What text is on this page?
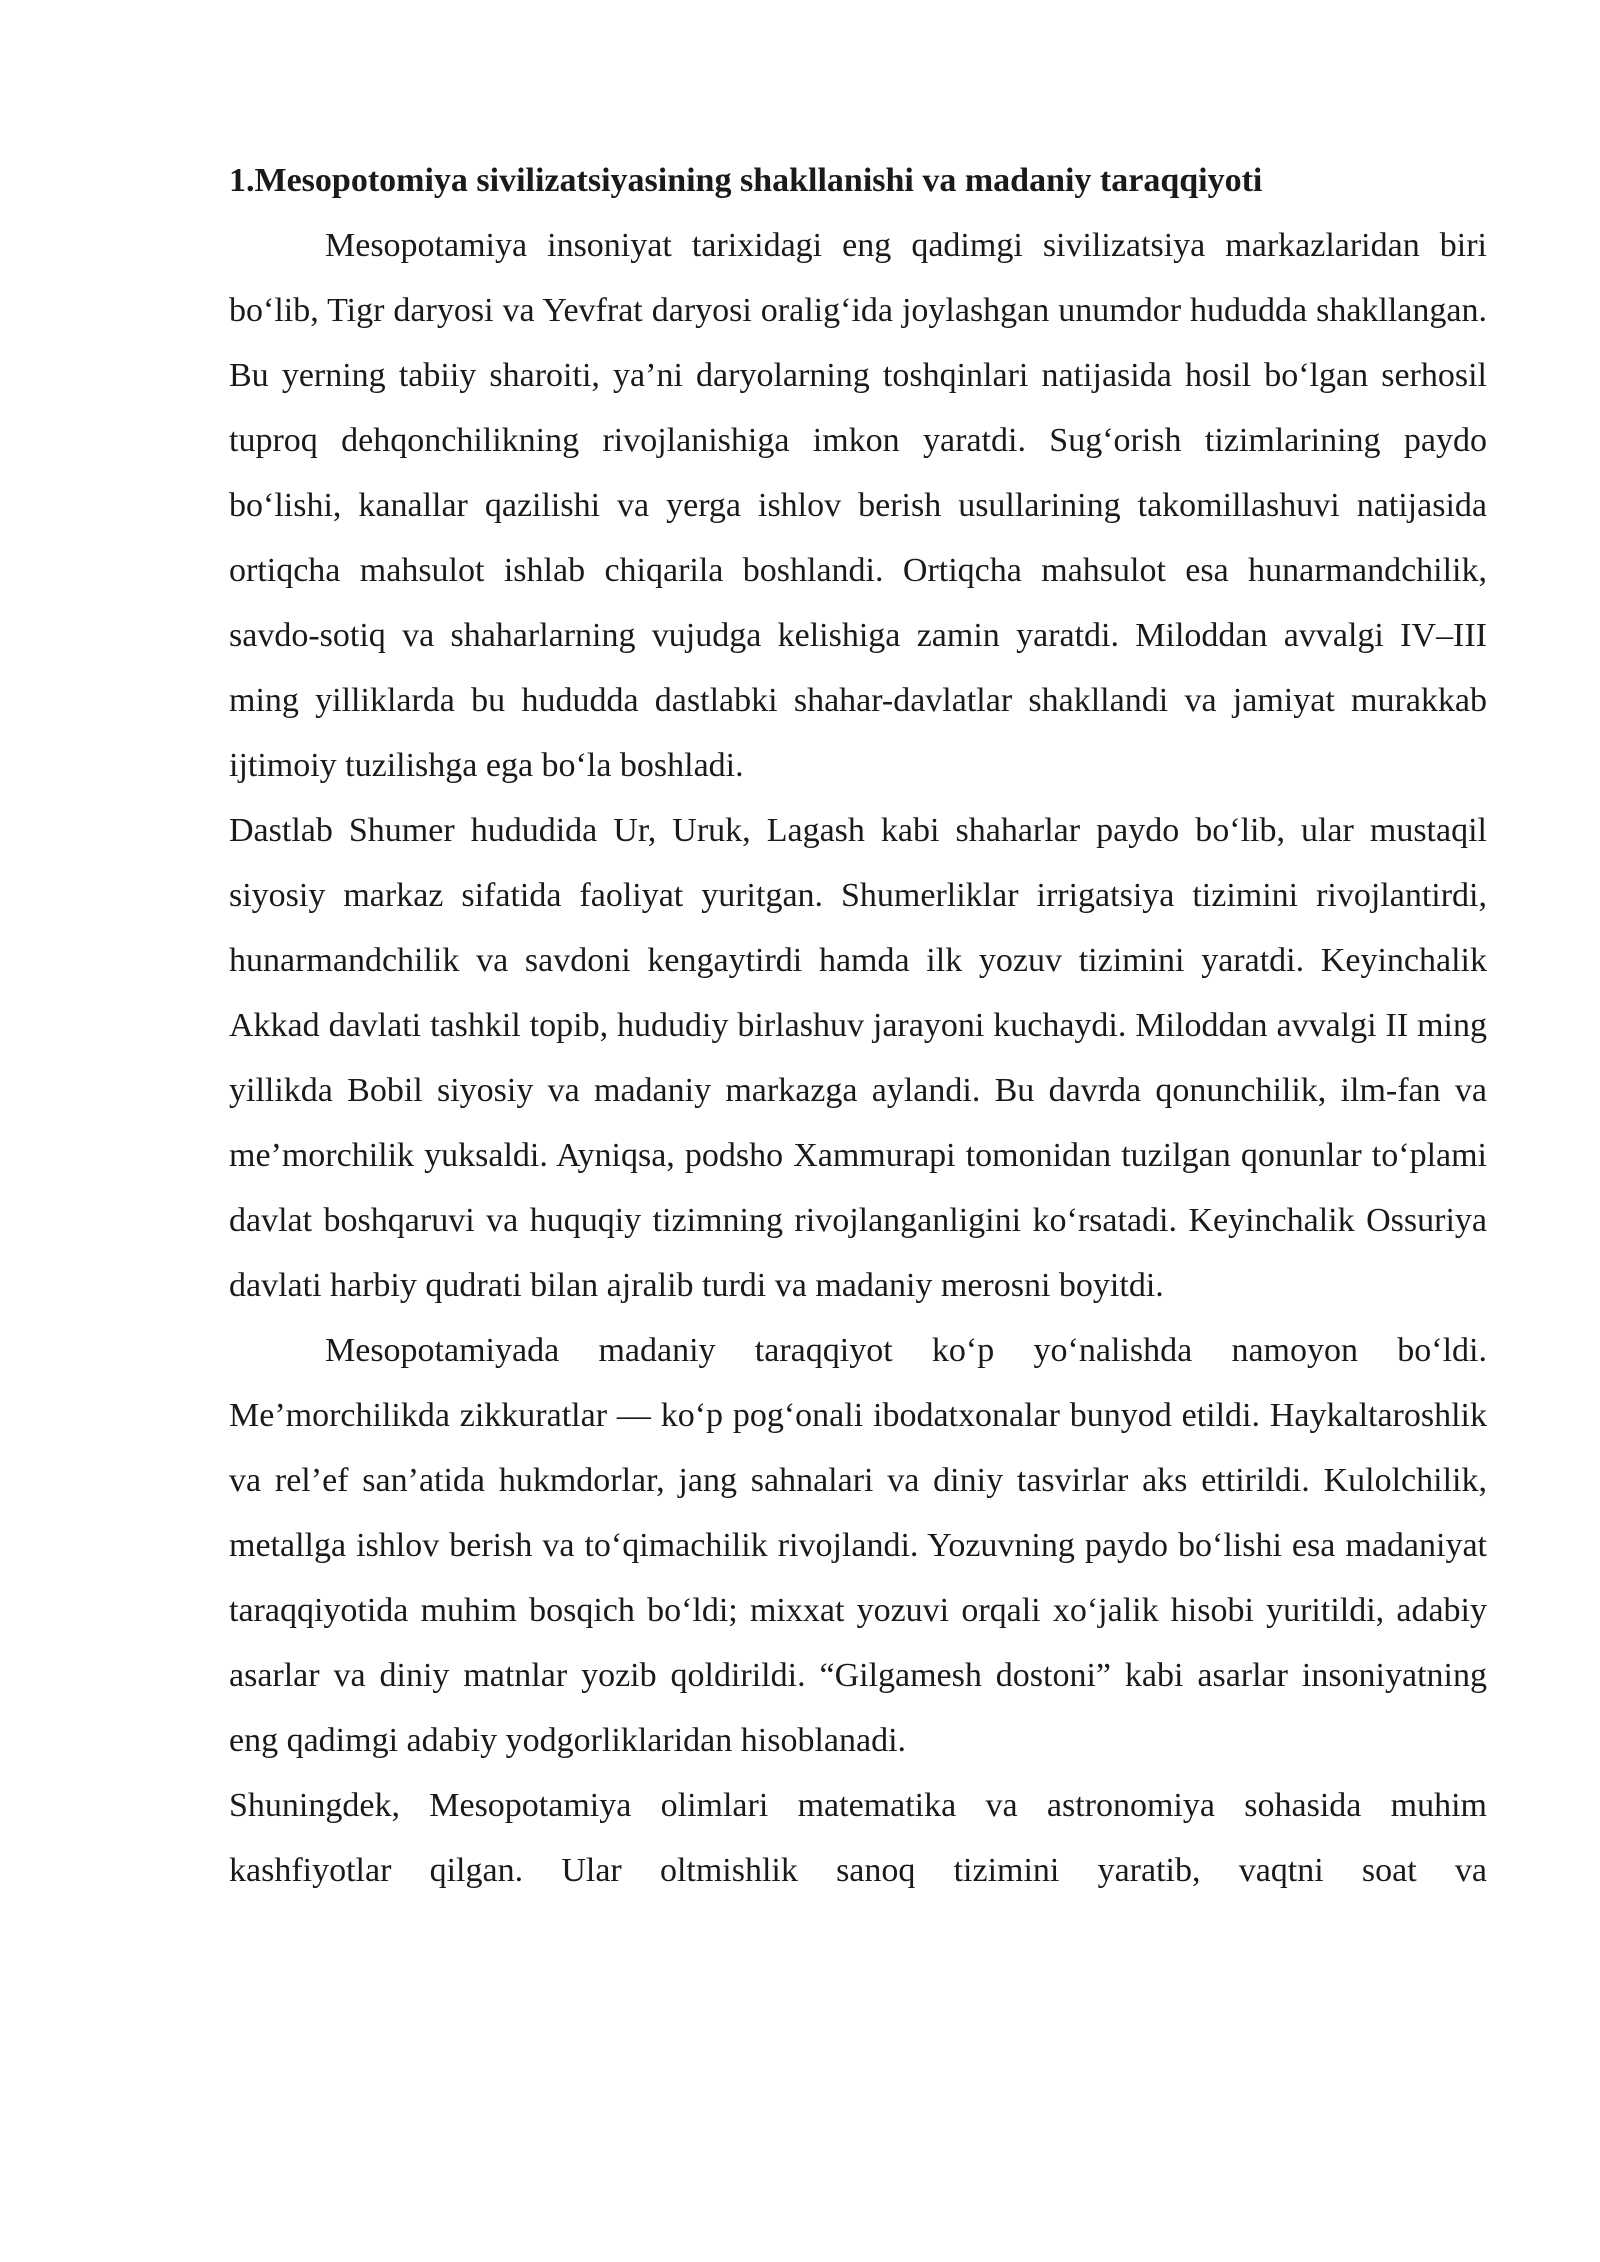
1.Mesopotomiya sivilizatsiyasining shakllanishi va madaniy taraqqiyoti

Mesopotamiya insoniyat tarixidagi eng qadimgi sivilizatsiya markazlaridan biri bo‘lib, Tigr daryosi va Yevfrat daryosi oralig‘ida joylashgan unumdor hududda shakllangan. Bu yerning tabiiy sharoiti, ya’ni daryolarning toshqinlari natijasida hosil bo‘lgan serhosil tuproq dehqonchilikning rivojlanishiga imkon yaratdi. Sug‘orish tizimlarining paydo bo‘lishi, kanallar qazilishi va yerga ishlov berish usullarining takomillashuvi natijasida ortiqcha mahsulot ishlab chiqarila boshlandi. Ortiqcha mahsulot esa hunarmandchilik, savdo-sotiq va shaharlarning vujudga kelishiga zamin yaratdi. Miloddan avvalgi IV–III ming yilliklarda bu hududda dastlabki shahar-davlatlar shakllandi va jamiyat murakkab ijtimoiy tuzilishga ega bo‘la boshladi.

Dastlab Shumer hududida Ur, Uruk, Lagash kabi shaharlar paydo bo‘lib, ular mustaqil siyosiy markaz sifatida faoliyat yuritgan. Shumerliklar irrigatsiya tizimini rivojlantirdi, hunarmandchilik va savdoni kengaytirdi hamda ilk yozuv tizimini yaratdi. Keyinchalik Akkad davlati tashkil topib, hududiy birlashuv jarayoni kuchaydi. Miloddan avvalgi II ming yillikda Bobil siyosiy va madaniy markazga aylandi. Bu davrda qonunchilik, ilm-fan va me’morchilik yuksaldi. Ayniqsa, podsho Xammurapi tomonidan tuzilgan qonunlar to‘plami davlat boshqaruvi va huquqiy tizimning rivojlanganligini ko‘rsatadi. Keyinchalik Ossuriya davlati harbiy qudrati bilan ajralib turdi va madaniy merosni boyitdi.

Mesopotamiyada madaniy taraqqiyot ko‘p yo‘nalishda namoyon bo‘ldi. Me’morchilikda zikkuratlar — ko‘p pog‘onali ibodatxonalar bunyod etildi. Haykaltaroshlik va rel’ef san’atida hukmdorlar, jang sahnalari va diniy tasvirlar aks ettirildi. Kulolchilik, metallga ishlov berish va to‘qimachilik rivojlandi. Yozuvning paydo bo‘lishi esa madaniyat taraqqiyotida muhim bosqich bo‘ldi; mixxat yozuvi orqali xo‘jalik hisobi yuritildi, adabiy asarlar va diniy matnlar yozib qoldirildi. “Gilgamesh dostoni” kabi asarlar insoniyatning eng qadimgi adabiy yodgorliklaridan hisoblanadi.

Shuningdek, Mesopotamiya olimlari matematika va astronomiya sohasida muhim kashfiyotlar qilgan. Ular oltmishlik sanoq tizimini yaratib, vaqtni soat va
